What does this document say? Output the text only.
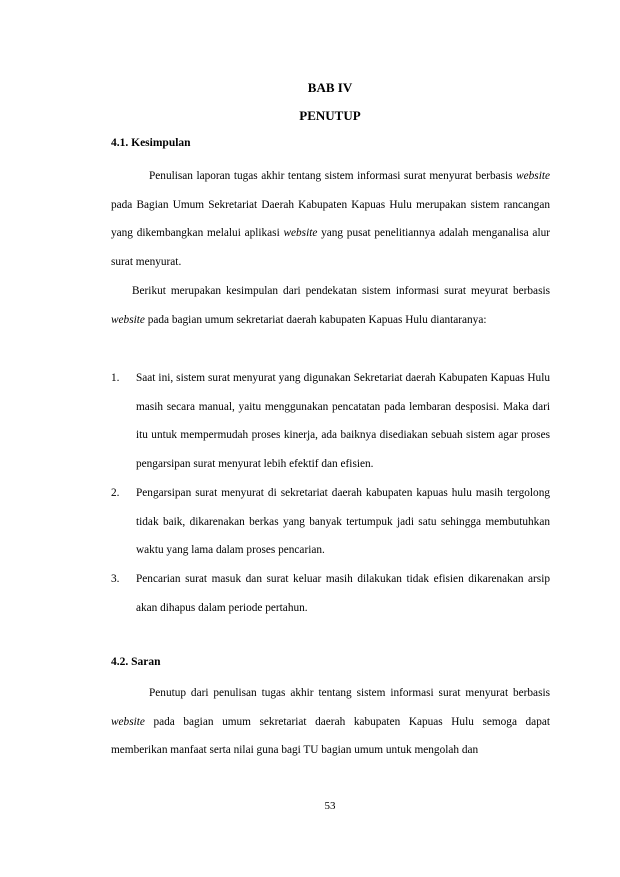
BAB IV
PENUTUP
4.1. Kesimpulan

Penulisan laporan tugas akhir tentang sistem informasi surat menyurat berbasis website pada Bagian Umum Sekretariat Daerah Kabupaten Kapuas Hulu merupakan sistem rancangan yang dikembangkan melalui aplikasi website yang pusat penelitiannya adalah menganalisa alur surat menyurat.

Berikut merupakan kesimpulan dari pendekatan sistem informasi surat meyurat berbasis website pada bagian umum sekretariat daerah kabupaten Kapuas Hulu diantaranya:

1. Saat ini, sistem surat menyurat yang digunakan Sekretariat daerah Kabupaten Kapuas Hulu masih secara manual, yaitu menggunakan pencatatan pada lembaran desposisi. Maka dari itu untuk mempermudah proses kinerja, ada baiknya disediakan sebuah sistem agar proses pengarsipan surat menyurat lebih efektif dan efisien.
2. Pengarsipan surat menyurat di sekretariat daerah kabupaten kapuas hulu masih tergolong tidak baik, dikarenakan berkas yang banyak tertumpuk jadi satu sehingga membutuhkan waktu yang lama dalam proses pencarian.
3. Pencarian surat masuk dan surat keluar masih dilakukan tidak efisien dikarenakan arsip akan dihapus dalam periode pertahun.
4.2. Saran

Penutup dari penulisan tugas akhir tentang sistem informasi surat menyurat berbasis website pada bagian umum sekretariat daerah kabupaten Kapuas Hulu semoga dapat memberikan manfaat serta nilai guna bagi TU bagian umum untuk mengolah dan

53
